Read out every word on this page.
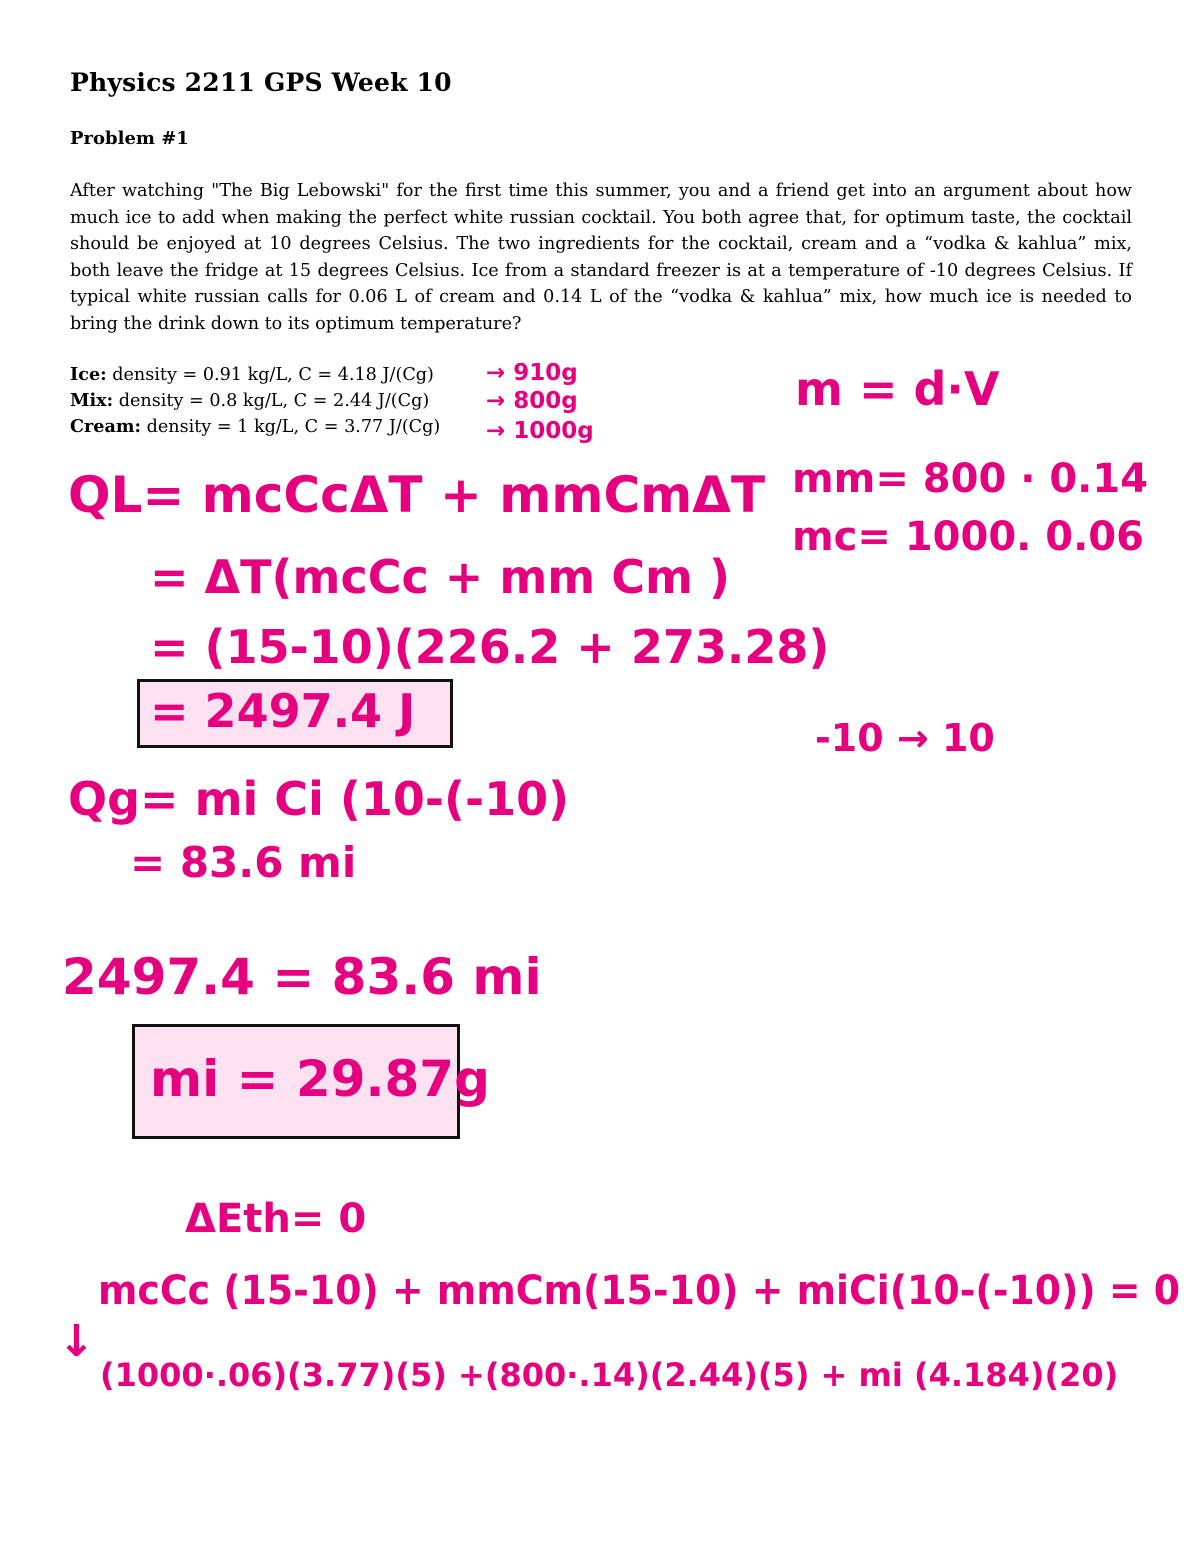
Physics 2211 GPS Week 10
Problem #1
After watching "The Big Lebowski" for the first time this summer, you and a friend get into an argument about how much ice to add when making the perfect white russian cocktail. You both agree that, for optimum taste, the cocktail should be enjoyed at 10 degrees Celsius. The two ingredients for the cocktail, cream and a “vodka & kahlua” mix, both leave the fridge at 15 degrees Celsius. Ice from a standard freezer is at a temperature of -10 degrees Celsius. If typical white russian calls for 0.06 L of cream and 0.14 L of the “vodka & kahlua” mix, how much ice is needed to bring the drink down to its optimum temperature?
Ice: density = 0.91 kg/L, C = 4.18 J/(Cg)
Mix: density = 0.8 kg/L, C = 2.44 J/(Cg)
Cream: density = 1 kg/L, C = 3.77 J/(Cg)
→ 910g
→ 800g
→ 1000g
m = d·V
mm= 800 · 0.14
mc= 1000. 0.06
-10 → 10
QL= mcCcΔT + mmCmΔT
= ΔT(mcCc + mm Cm )
= (15-10)(226.2 + 273.28)
= 2497.4 J
Qg= mi Ci (10-(-10)
= 83.6 mi
2497.4 = 83.6 mi
mi = 29.87g
ΔEth= 0
mcCc (15-10) + mmCm(15-10) + miCi(10-(-10)) = 0
↓
(1000·.06)(3.77)(5) +(800·.14)(2.44)(5) + mi (4.184)(20)
